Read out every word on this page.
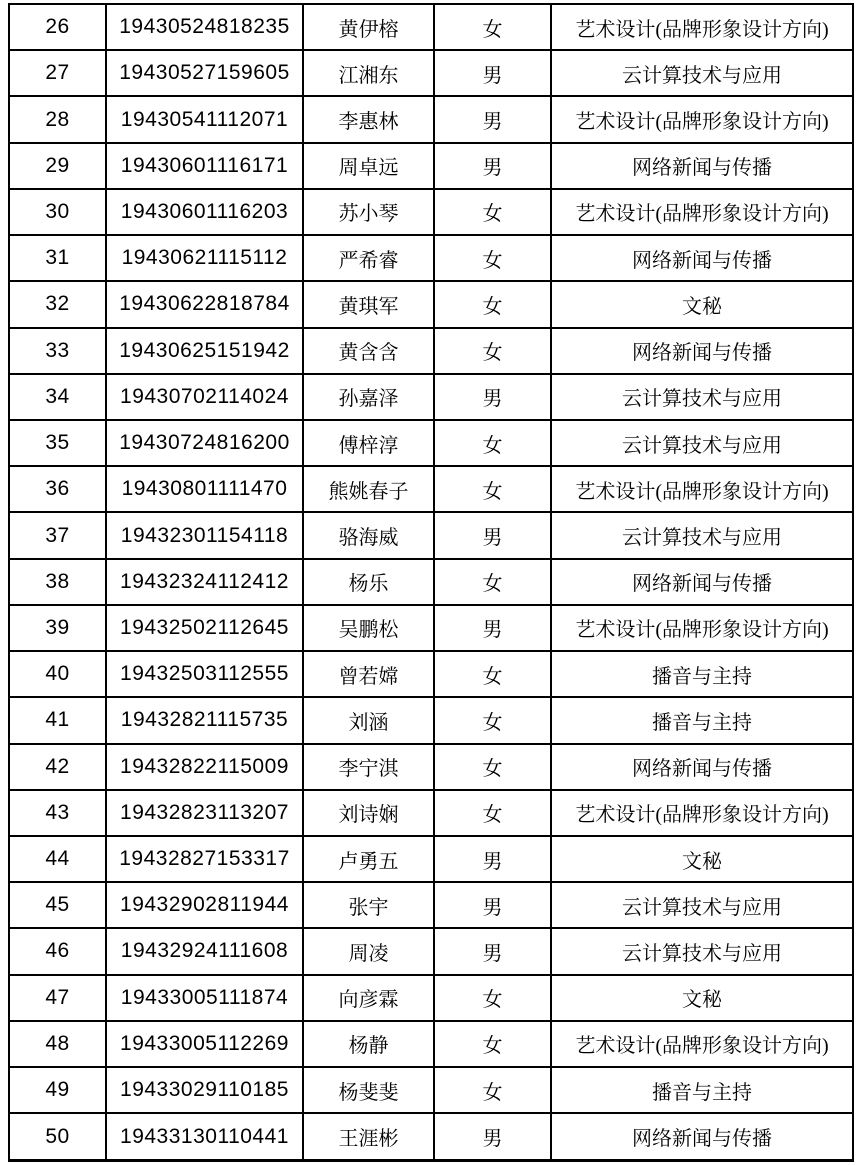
26	19430524818235	黄伊榕	女	艺术设计(品牌形象设计方向)
27	19430527159605	江湘东	男	云计算技术与应用
28	19430541112071	李惠林	男	艺术设计(品牌形象设计方向)
29	19430601116171	周卓远	男	网络新闻与传播
30	19430601116203	苏小琴	女	艺术设计(品牌形象设计方向)
31	19430621115112	严希睿	女	网络新闻与传播
32	19430622818784	黄琪军	女	文秘
33	19430625151942	黄含含	女	网络新闻与传播
34	19430702114024	孙嘉泽	男	云计算技术与应用
35	19430724816200	傅梓淳	女	云计算技术与应用
36	19430801111470	熊姚春子	女	艺术设计(品牌形象设计方向)
37	19432301154118	骆海威	男	云计算技术与应用
38	19432324112412	杨乐	女	网络新闻与传播
39	19432502112645	吴鹏松	男	艺术设计(品牌形象设计方向)
40	19432503112555	曾若嫦	女	播音与主持
41	19432821115735	刘涵	女	播音与主持
42	19432822115009	李宁淇	女	网络新闻与传播
43	19432823113207	刘诗娴	女	艺术设计(品牌形象设计方向)
44	19432827153317	卢勇五	男	文秘
45	19432902811944	张宇	男	云计算技术与应用
46	19432924111608	周凌	男	云计算技术与应用
47	19433005111874	向彦霖	女	文秘
48	19433005112269	杨静	女	艺术设计(品牌形象设计方向)
49	19433029110185	杨斐斐	女	播音与主持
50	19433130110441	王涯彬	男	网络新闻与传播
